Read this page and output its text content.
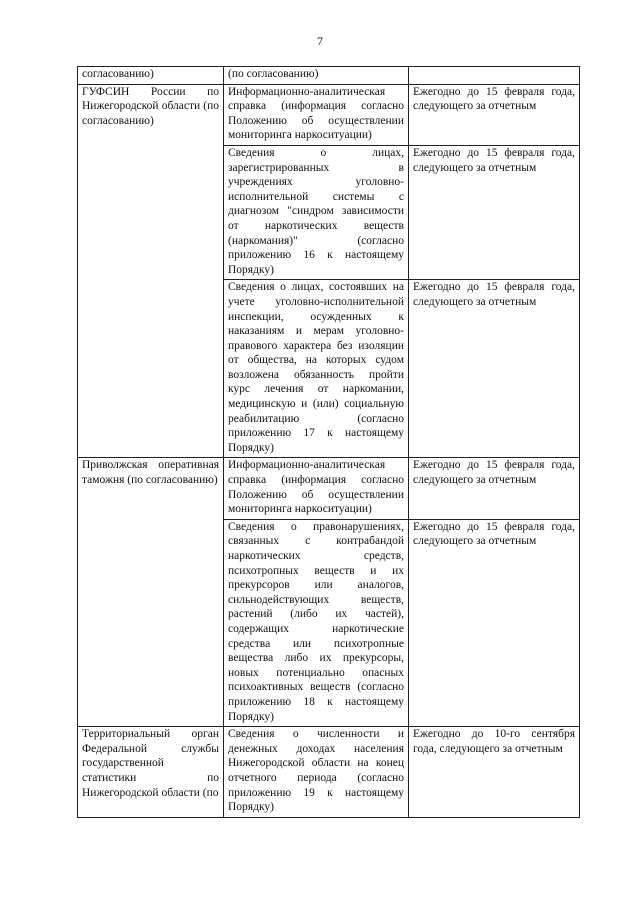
7
согласованию)	(по согласованию)	
ГУФСИН России по Нижегородской области (по согласованию)	Информационно-аналитическая справка (информация согласно Положению об осуществлении мониторинга наркоситуации)	Ежегодно до 15 февраля года, следующего за отчетным
	Сведения о лицах, зарегистрированных в учреждениях уголовно-исполнительной системы с диагнозом "синдром зависимости от наркотических веществ (наркомания)" (согласно приложению 16 к настоящему Порядку)	Ежегодно до 15 февраля года, следующего за отчетным
	Сведения о лицах, состоявших на учете уголовно-исполнительной инспекции, осужденных к наказаниям и мерам уголовно-правового характера без изоляции от общества, на которых судом возложена обязанность пройти курс лечения от наркомании, медицинскую и (или) социальную реабилитацию (согласно приложению 17 к настоящему Порядку)	Ежегодно до 15 февраля года, следующего за отчетным
Приволжская оперативная таможня (по согласованию)	Информационно-аналитическая справка (информация согласно Положению об осуществлении мониторинга наркоситуации)	Ежегодно до 15 февраля года, следующего за отчетным
	Сведения о правонарушениях, связанных с контрабандой наркотических средств, психотропных веществ и их прекурсоров или аналогов, сильнодействующих веществ, растений (либо их частей), содержащих наркотические средства или психотропные вещества либо их прекурсоры, новых потенциально опасных психоактивных веществ (согласно приложению 18 к настоящему Порядку)	Ежегодно до 15 февраля года, следующего за отчетным
Территориальный орган Федеральной службы государственной статистики по Нижегородской области (по	Сведения о численности и денежных доходах населения Нижегородской области на конец отчетного периода (согласно приложению 19 к настоящему Порядку)	Ежегодно до 10-го сентября года, следующего за отчетным
